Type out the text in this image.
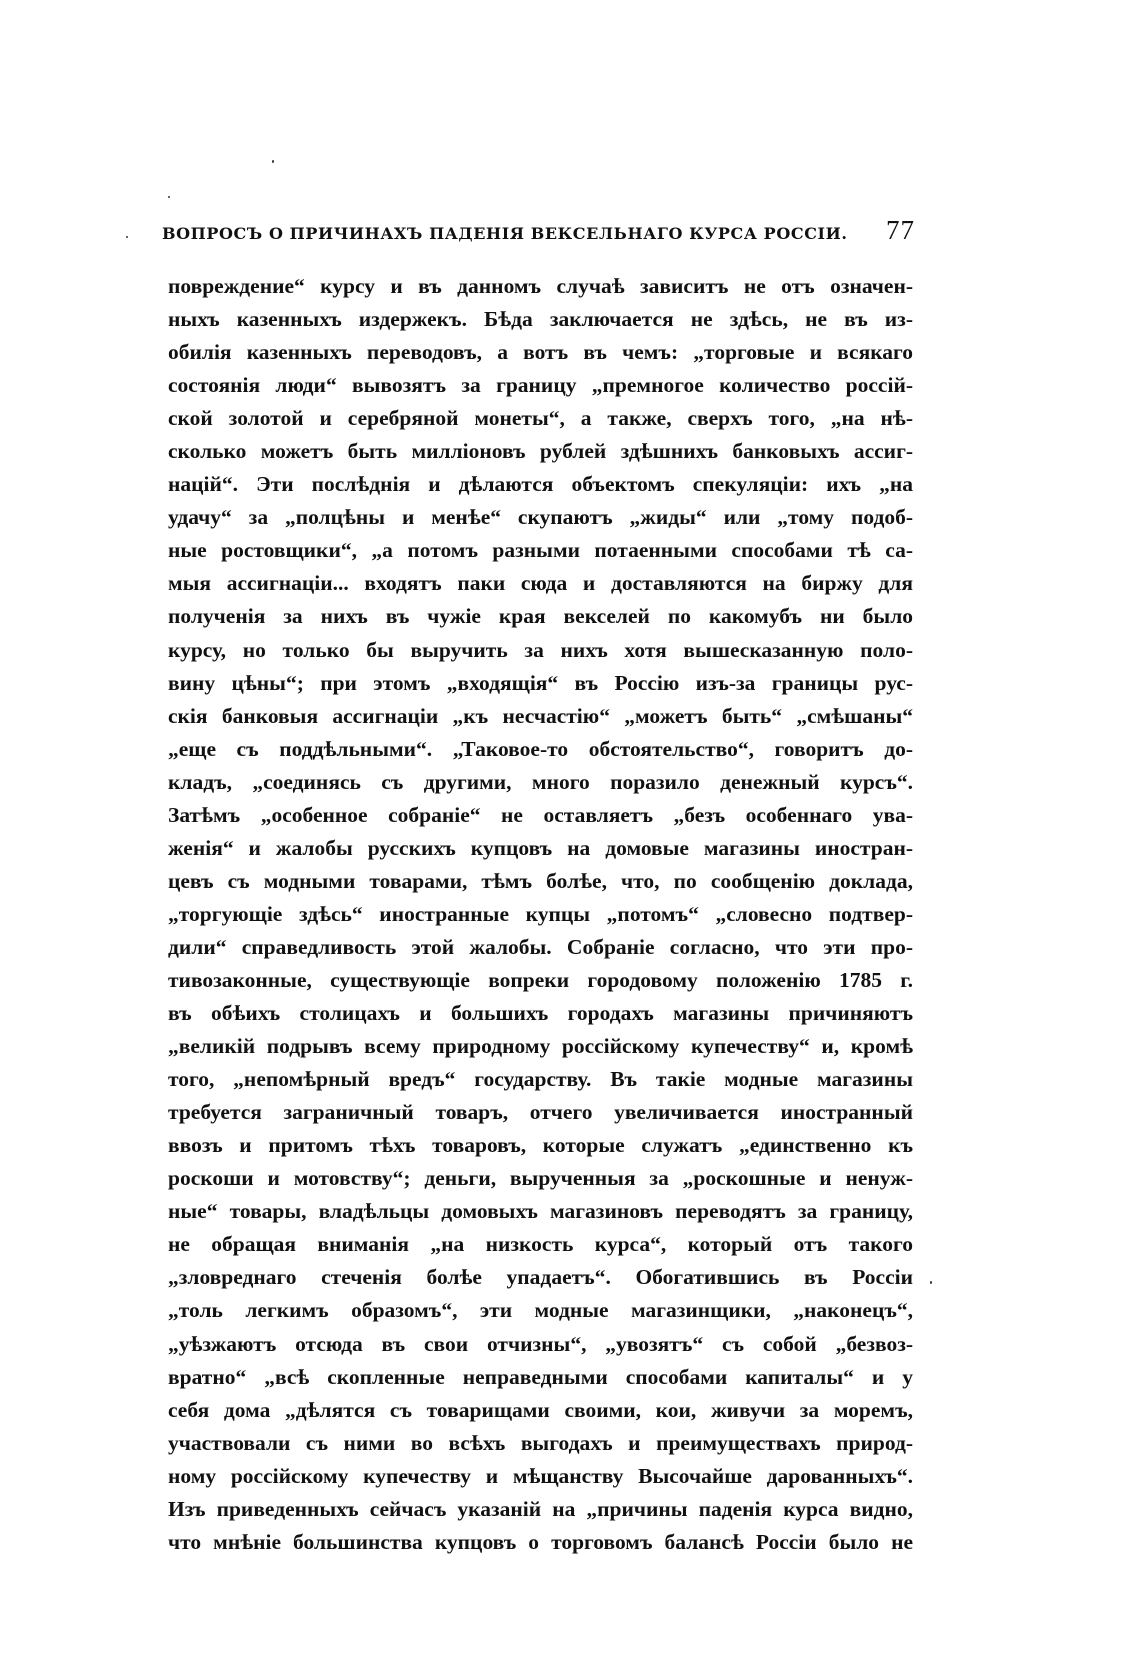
ВОПРОСЪ О ПРИЧИНАХЪ ПАДЕНІЯ ВЕКСЕЛЬНАГО КУРСА РОССІИ. 77
повреждение“ курсу и въ данномъ случаѣ зависитъ не отъ означен-
ныхъ казенныхъ издержекъ. Бѣда заключается не здѣсь, не въ из-
обилія казенныхъ переводовъ, а вотъ въ чемъ: „торговые и всякаго
состоянія люди“ вывозятъ за границу „премногое количество россій-
ской золотой и серебряной монеты“, а также, сверхъ того, „на нѣ-
сколько можетъ быть милліоновъ рублей здѣшнихъ банковыхъ ассиг-
націй“. Эти послѣднія и дѣлаются объектомъ спекуляціи: ихъ „на
удачу“ за „полцѣны и менѣе“ скупаютъ „жиды“ или „тому подоб-
ные ростовщики“, „а потомъ разными потаенными способами тѣ са-
мыя ассигнаціи... входятъ паки сюда и доставляются на биржу для
полученія за нихъ въ чужіе края векселей по какомубъ ни было
курсу, но только бы выручить за нихъ хотя вышесказанную поло-
вину цѣны“; при этомъ „входящія“ въ Россію изъ-за границы рус-
скія банковыя ассигнаціи „къ несчастію“ „можетъ быть“ „смѣшаны“
„еще съ поддѣльными“. „Таковое-то обстоятельство“, говоритъ до-
кладъ, „соединясь съ другими, много поразило денежный курсъ“.
Затѣмъ „особенное собраніе“ не оставляетъ „безъ особеннаго ува-
женія“ и жалобы русскихъ купцовъ на домовые магазины иностран-
цевъ съ модными товарами, тѣмъ болѣе, что, по сообщенію доклада,
„торгующіе здѣсь“ иностранные купцы „потомъ“ „словесно подтвер-
дили“ справедливость этой жалобы. Собраніе согласно, что эти про-
тивозаконные, существующіе вопреки городовому положенію 1785 г.
въ обѣихъ столицахъ и большихъ городахъ магазины причиняютъ
„великій подрывъ всему природному россійскому купечеству“ и, кромѣ
того, „непомѣрный вредъ“ государству. Въ такіе модные магазины
требуется заграничный товаръ, отчего увеличивается иностранный
ввозъ и притомъ тѣхъ товаровъ, которые служатъ „единственно къ
роскоши и мотовству“; деньги, вырученныя за „роскошные и ненуж-
ные“ товары, владѣльцы домовыхъ магазиновъ переводятъ за границу,
не обращая вниманія „на низкость курса“, который отъ такого
„зловреднаго стеченія болѣе упадаетъ“. Обогатившись въ Россіи
„толь легкимъ образомъ“, эти модные магазинщики, „наконецъ“,
„уѣзжаютъ отсюда въ свои отчизны“, „увозятъ“ съ собой „безвоз-
вратно“ „всѣ скопленные неправедными способами капиталы“ и у
себя дома „дѣлятся съ товарищами своими, кои, живучи за моремъ,
участвовали съ ними во всѣхъ выгодахъ и преимуществахъ природ-
ному россійскому купечеству и мѣщанству Высочайше дарованныхъ“.
Изъ приведенныхъ сейчасъ указаній на „причины паденія курса видно,
что мнѣніе большинства купцовъ о торговомъ балансѣ Россіи было не
